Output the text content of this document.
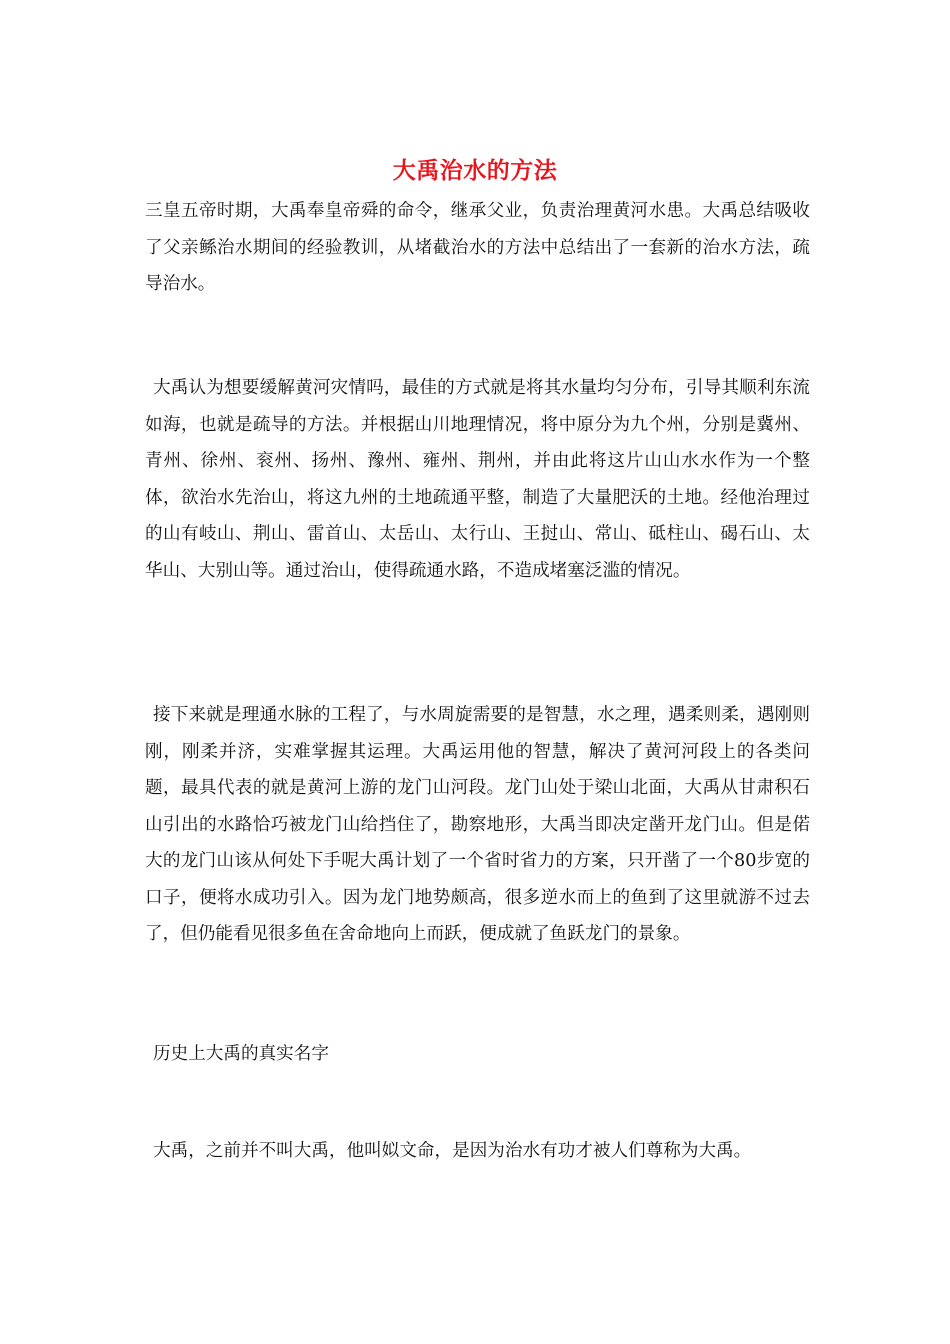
大禹治水的方法

三皇五帝时期，大禹奉皇帝舜的命令，继承父业，负责治理黄河水患。大禹总结吸收了父亲鲧治水期间的经验教训，从堵截治水的方法中总结出了一套新的治水方法，疏导治水。

大禹认为想要缓解黄河灾情吗，最佳的方式就是将其水量均匀分布，引导其顺利东流如海，也就是疏导的方法。并根据山川地理情况，将中原分为九个州，分别是冀州、青州、徐州、衮州、扬州、豫州、雍州、荆州，并由此将这片山山水水作为一个整体，欲治水先治山，将这九州的土地疏通平整，制造了大量肥沃的土地。经他治理过的山有岐山、荆山、雷首山、太岳山、太行山、王挝山、常山、砥柱山、碣石山、太华山、大别山等。通过治山，使得疏通水路，不造成堵塞泛滥的情况。

接下来就是理通水脉的工程了，与水周旋需要的是智慧，水之理，遇柔则柔，遇刚则刚，刚柔并济，实难掌握其运理。大禹运用他的智慧，解决了黄河河段上的各类问题，最具代表的就是黄河上游的龙门山河段。龙门山处于梁山北面，大禹从甘肃积石山引出的水路恰巧被龙门山给挡住了，勘察地形，大禹当即决定凿开龙门山。但是偌大的龙门山该从何处下手呢大禹计划了一个省时省力的方案，只开凿了一个80步宽的口子，便将水成功引入。因为龙门地势颇高，很多逆水而上的鱼到了这里就游不过去了，但仍能看见很多鱼在舍命地向上而跃，便成就了鱼跃龙门的景象。

历史上大禹的真实名字

大禹，之前并不叫大禹，他叫姒文命，是因为治水有功才被人们尊称为大禹。
